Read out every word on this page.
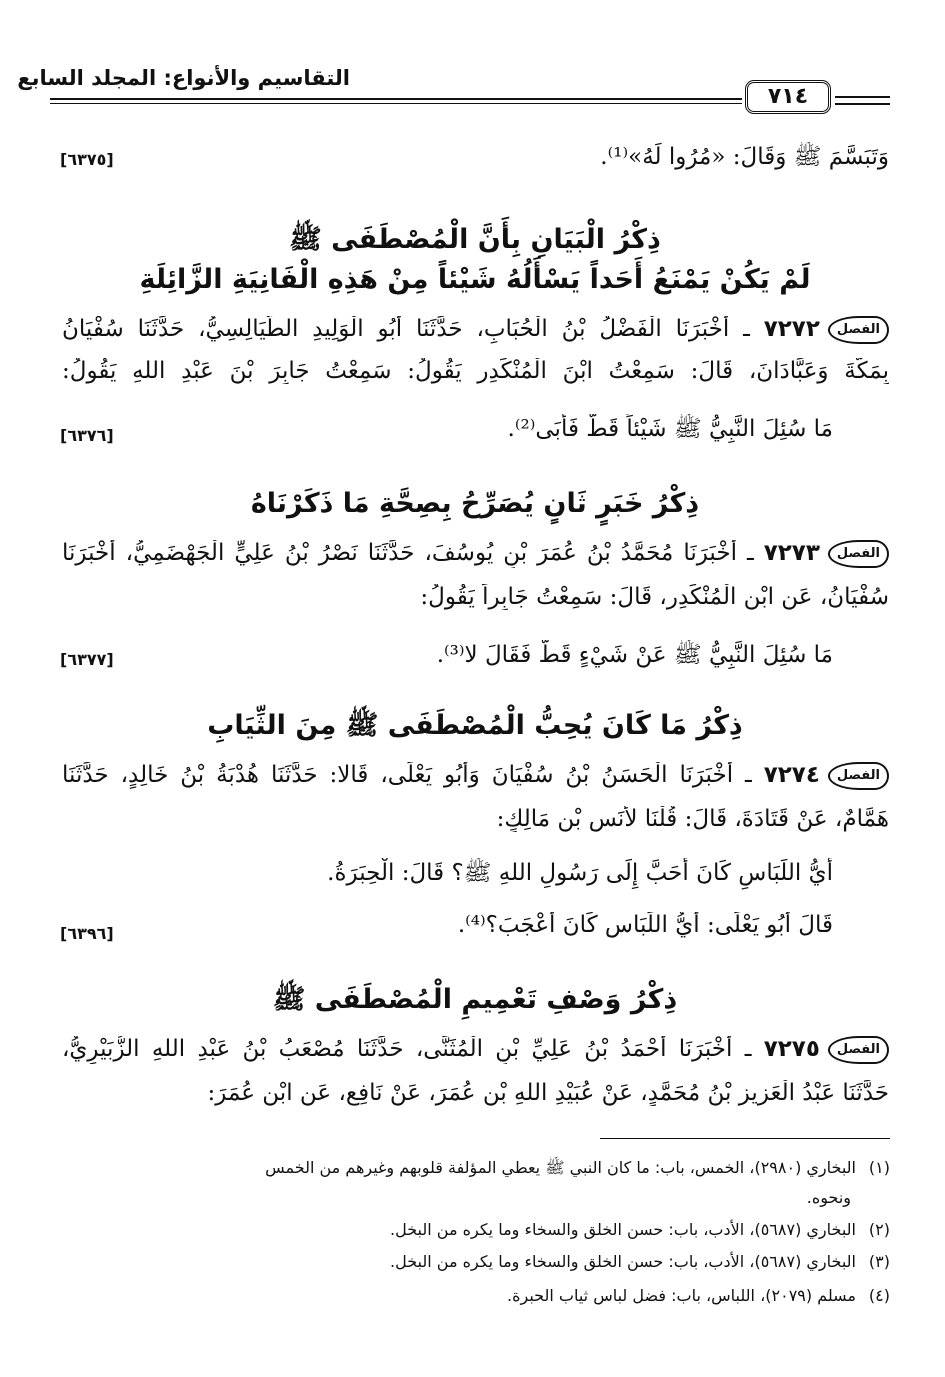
التقاسيم والأنواع: المجلد السابع
٧١٤
وَتَبَسَّمَ ﷺ وَقَالَ: «مُرُوا لَهُ»⁽¹⁾.
[٦٣٧٥]
ذِكْرُ الْبَيَانِ بِأَنَّ الْمُصْطَفَى ﷺ
لَمْ يَكُنْ يَمْنَعُ أَحَداً يَسْأَلُهُ شَيْئاً مِنْ هَذِهِ الْفَانِيَةِ الزَّائِلَةِ
الفصل٧٢٧٢ ـ أَخْبَرَنَا الْفَضْلُ بْنُ الْحُبَابِ، حَدَّثَنَا أَبُو الْوَلِيدِ الطَّيَالِسِيُّ، حَدَّثَنَا سُفْيَانُ
بِمَكَّةَ وَعَبَّادَانَ، قَالَ: سَمِعْتُ ابْنَ الْمُنْكَدِرِ يَقُولُ: سَمِعْتُ جَابِرَ بْنَ عَبْدِ اللهِ يَقُولُ:
مَا سُئِلَ النَّبِيُّ ﷺ شَيْئاً قَطُّ فَأَبَى⁽²⁾.
[٦٣٧٦]
ذِكْرُ خَبَرٍ ثَانٍ يُصَرِّحُ بِصِحَّةِ مَا ذَكَرْنَاهُ
الفصل٧٢٧٣ ـ أَخْبَرَنَا مُحَمَّدُ بْنُ عُمَرَ بْنِ يُوسُفَ، حَدَّثَنَا نَصْرُ بْنُ عَلِيٍّ الْجَهْضَمِيُّ، أَخْبَرَنَا
سُفْيَانُ، عَنِ ابْنِ الْمُنْكَدِرِ، قَالَ: سَمِعْتُ جَابِراً يَقُولُ:
مَا سُئِلَ النَّبِيُّ ﷺ عَنْ شَيْءٍ قَطُّ فَقَالَ لا⁽³⁾.
[٦٣٧٧]
ذِكْرُ مَا كَانَ يُحِبُّ الْمُصْطَفَى ﷺ مِنَ الثِّيَابِ
الفصل٧٢٧٤ ـ أَخْبَرَنَا الْحَسَنُ بْنُ سُفْيَانَ وَأَبُو يَعْلَى، قَالا: حَدَّثَنَا هُدْبَةُ بْنُ خَالِدٍ، حَدَّثَنَا
هَمَّامٌ، عَنْ قَتَادَةَ، قَالَ: قُلْنَا لأَنَسِ بْنِ مَالِكٍ:
أَيُّ اللِّبَاسِ كَانَ أَحَبَّ إِلَى رَسُولِ اللهِ ﷺ؟ قَالَ: الْحِبَرَةُ.
قَالَ أَبُو يَعْلَى: أَيُّ اللِّبَاسِ كَانَ أَعْجَبَ؟⁽⁴⁾.
[٦٣٩٦]
ذِكْرُ وَصْفِ تَعْمِيمِ الْمُصْطَفَى ﷺ
الفصل٧٢٧٥ ـ أَخْبَرَنَا أَحْمَدُ بْنُ عَلِيِّ بْنِ الْمُثَنَّى، حَدَّثَنَا مُصْعَبُ بْنُ عَبْدِ اللهِ الزُّبَيْرِيُّ،
حَدَّثَنَا عَبْدُ الْعَزِيزِ بْنُ مُحَمَّدٍ، عَنْ عُبَيْدِ اللهِ بْنِ عُمَرَ، عَنْ نَافِعٍ، عَنِ ابْنِ عُمَرَ:
(١)البخاري (٢٩٨٠)، الخمس، باب: ما كان النبي ﷺ يعطي المؤلفة قلوبهم وغيرهم من الخمس
ونحوه.
(٢)البخاري (٥٦٨٧)، الأدب، باب: حسن الخلق والسخاء وما يكره من البخل.
(٣)البخاري (٥٦٨٧)، الأدب، باب: حسن الخلق والسخاء وما يكره من البخل.
(٤)مسلم (٢٠٧٩)، اللباس، باب: فضل لباس ثياب الحبرة.
